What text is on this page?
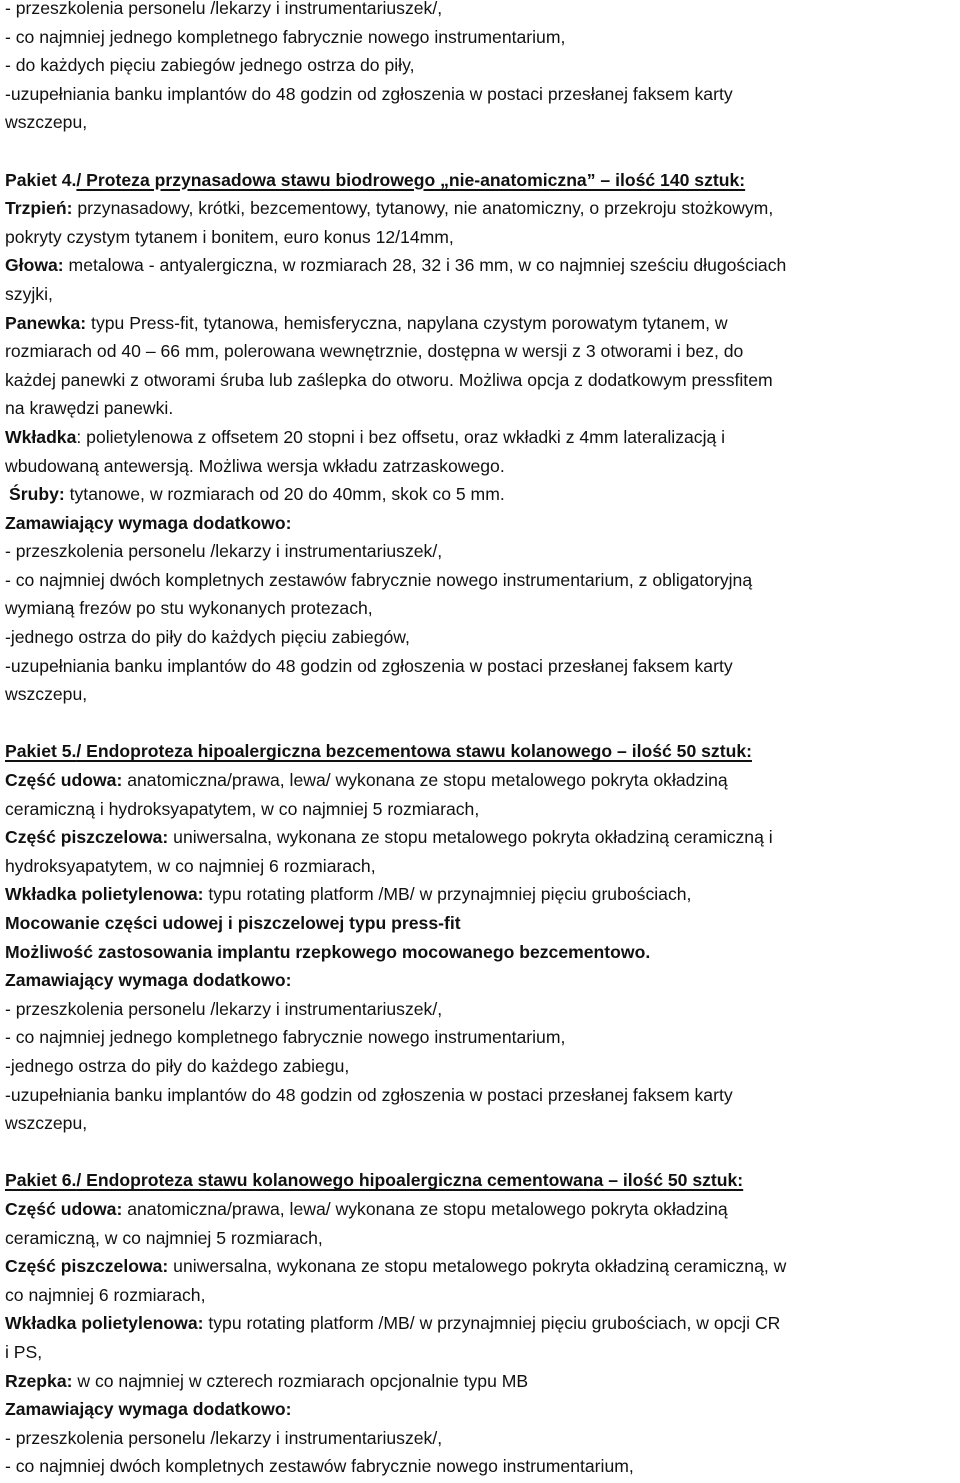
- przeszkolenia personelu /lekarzy i instrumentariuszek/,
- co najmniej jednego kompletnego fabrycznie nowego instrumentarium,
- do każdych pięciu zabiegów jednego ostrza do piły,
-uzupełniania banku implantów do 48 godzin od zgłoszenia w postaci przesłanej faksem karty
wszczepu,
Pakiet 4./ Proteza przynasadowa stawu biodrowego „nie-anatomiczna” – ilość 140 sztuk:
Trzpień: przynasadowy, krótki, bezcementowy, tytanowy, nie anatomiczny, o przekroju stożkowym,
pokryty czystym tytanem i bonitem, euro konus 12/14mm,
Głowa: metalowa - antyalergiczna, w rozmiarach 28, 32 i 36 mm, w co najmniej sześciu długościach
szyjki,
Panewka: typu Press-fit, tytanowa, hemisferyczna, napylana czystym porowatym tytanem, w
rozmiarach od 40 – 66 mm, polerowana wewnętrznie, dostępna w wersji z 3 otworami i bez, do
każdej panewki z otworami śruba lub zaślepka do otworu. Możliwa opcja z dodatkowym pressfitem
na krawędzi panewki.
Wkładka: polietylenowa z offsetem 20 stopni i bez offsetu, oraz wkładki z 4mm lateralizacją i
wbudowaną antewersją. Możliwa wersja wkładu zatrzaskowego.
Śruby: tytanowe, w rozmiarach od 20 do 40mm, skok co 5 mm.
Zamawiający wymaga dodatkowo:
- przeszkolenia personelu /lekarzy i instrumentariuszek/,
- co najmniej dwóch kompletnych zestawów fabrycznie nowego instrumentarium, z obligatoryjną
wymianą frezów po stu wykonanych protezach,
-jednego ostrza do piły do każdych pięciu zabiegów,
-uzupełniania banku implantów do 48 godzin od zgłoszenia w postaci przesłanej faksem karty
wszczepu,
Pakiet 5./ Endoproteza hipoalergiczna bezcementowa stawu kolanowego – ilość 50 sztuk:
Część udowa: anatomiczna/prawa, lewa/ wykonana ze stopu metalowego pokryta okładziną
ceramiczną i hydroksyapatytem, w co najmniej 5 rozmiarach,
Część piszczelowa: uniwersalna, wykonana ze stopu metalowego pokryta okładziną ceramiczną i
hydroksyapatytem, w co najmniej 6 rozmiarach,
Wkładka polietylenowa: typu rotating platform /MB/ w przynajmniej pięciu grubościach,
Mocowanie części udowej i piszczelowej typu press-fit
Możliwość zastosowania implantu rzepkowego mocowanego bezcementowo.
Zamawiający wymaga dodatkowo:
- przeszkolenia personelu /lekarzy i instrumentariuszek/,
- co najmniej jednego kompletnego fabrycznie nowego instrumentarium,
-jednego ostrza do piły do każdego zabiegu,
-uzupełniania banku implantów do 48 godzin od zgłoszenia w postaci przesłanej faksem karty
wszczepu,
Pakiet 6./ Endoproteza stawu kolanowego hipoalergiczna cementowana – ilość 50 sztuk:
Część udowa: anatomiczna/prawa, lewa/ wykonana ze stopu metalowego pokryta okładziną
ceramiczną, w co najmniej 5 rozmiarach,
Część piszczelowa: uniwersalna, wykonana ze stopu metalowego pokryta okładziną ceramiczną, w
co najmniej 6 rozmiarach,
Wkładka polietylenowa: typu rotating platform /MB/ w przynajmniej pięciu grubościach, w opcji CR
i PS,
Rzepka: w co najmniej w czterech rozmiarach opcjonalnie typu MB
Zamawiający wymaga dodatkowo:
- przeszkolenia personelu /lekarzy i instrumentariuszek/,
- co najmniej dwóch kompletnych zestawów fabrycznie nowego instrumentarium,
